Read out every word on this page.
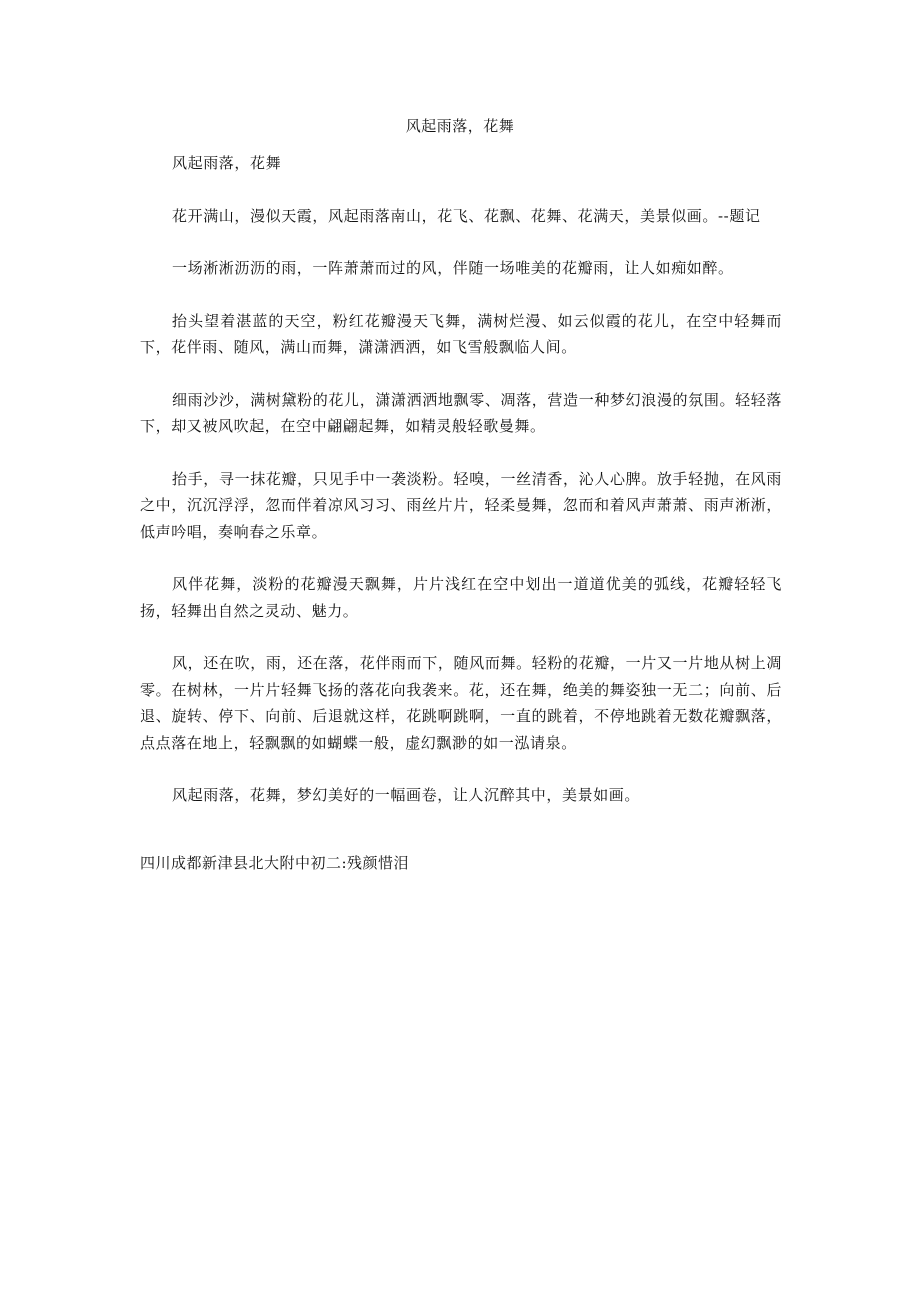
风起雨落，花舞

风起雨落，花舞

花开满山，漫似天霞，风起雨落南山，花飞、花飘、花舞、花满天，美景似画。--题记

一场淅淅沥沥的雨，一阵萧萧而过的风，伴随一场唯美的花瓣雨，让人如痴如醉。

抬头望着湛蓝的天空，粉红花瓣漫天飞舞，满树烂漫、如云似霞的花儿，在空中轻舞而下，花伴雨、随风，满山而舞，潇潇洒洒，如飞雪般飘临人间。

细雨沙沙，满树黛粉的花儿，潇潇洒洒地飘零、凋落，营造一种梦幻浪漫的氛围。轻轻落下，却又被风吹起，在空中翩翩起舞，如精灵般轻歌曼舞。

抬手，寻一抹花瓣，只见手中一袭淡粉。轻嗅，一丝清香，沁人心脾。放手轻抛，在风雨之中，沉沉浮浮，忽而伴着凉风习习、雨丝片片，轻柔曼舞，忽而和着风声萧萧、雨声淅淅，低声吟唱，奏响春之乐章。

风伴花舞，淡粉的花瓣漫天飘舞，片片浅红在空中划出一道道优美的弧线，花瓣轻轻飞扬，轻舞出自然之灵动、魅力。

风，还在吹，雨，还在落，花伴雨而下，随风而舞。轻粉的花瓣，一片又一片地从树上凋零。在树林，一片片轻舞飞扬的落花向我袭来。花，还在舞，绝美的舞姿独一无二；向前、后退、旋转、停下、向前、后退就这样，花跳啊跳啊，一直的跳着，不停地跳着无数花瓣飘落，点点落在地上，轻飘飘的如蝴蝶一般，虚幻飘渺的如一泓请泉。

风起雨落，花舞，梦幻美好的一幅画卷，让人沉醉其中，美景如画。

四川成都新津县北大附中初二:残颜惜泪
